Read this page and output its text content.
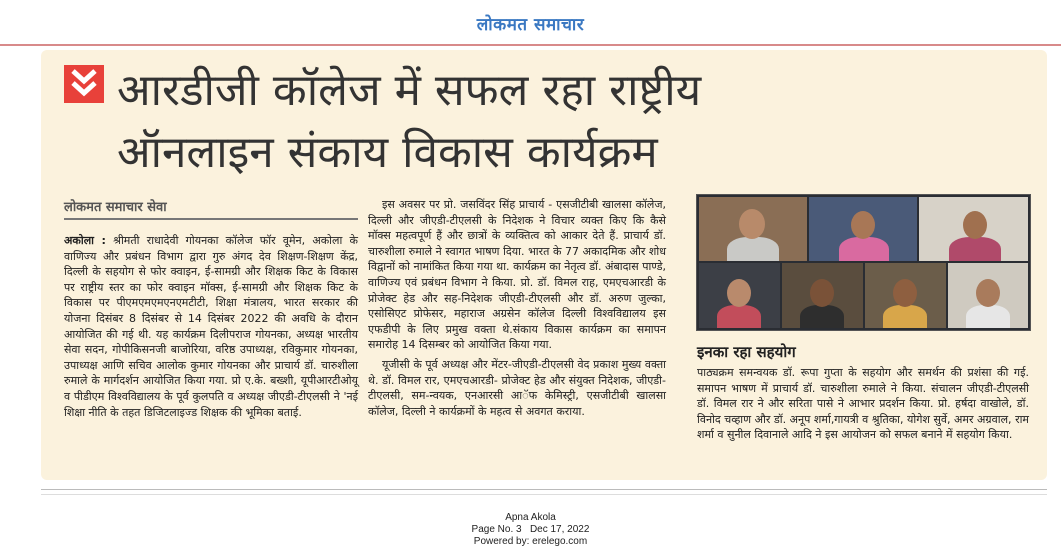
लोकमत समाचार
आरडीजी कॉलेज में सफल रहा राष्ट्रीय
ऑनलाइन संकाय विकास कार्यक्रम
लोकमत समाचार सेवा

अकोला : श्रीमती राधादेवी गोयनका कॉलेज फॉर वूमेन, अकोला के वाणिज्य और प्रबंधन विभाग द्वारा गुरु अंगद देव शिक्षण-शिक्षण केंद्र, दिल्ली के सहयोग से फोर क्वाइन, ई-सामग्री और शिक्षक किट के विकास पर राष्ट्रीय स्तर का फोर क्वाइन मॉक्स, ई-सामग्री और शिक्षक किट के विकास पर पीएमएमएमएनएमटीटी, शिक्षा मंत्रालय, भारत सरकार की योजना दिसंबर 8 दिसंबर से 14 दिसंबर 2022 की अवधि के दौरान आयोजित की गई थी. यह कार्यक्रम दिलीपराज गोयनका, अध्यक्ष भारतीय सेवा सदन, गोपीकिसनजी बाजोरिया, वरिष्ठ उपाध्यक्ष, रविकुमार गोयनका, उपाध्यक्ष आणि सचिव आलोक कुमार गोयनका और प्राचार्य डॉ. चारुशीला रुमाले के मार्गदर्शन आयोजित किया गया. प्रो ए.के. बख्शी, यूपीआरटीओयू व पीडीएम विश्वविद्यालय के पूर्व कुलपति व अध्यक्ष जीएडी-टीएलसी ने 'नई शिक्षा नीति के तहत डिजिटलाइज्ड शिक्षक की भूमिका बताई.

इस अवसर पर प्रो. जसविंदर सिंह प्राचार्य - एसजीटीबी खालसा कॉलेज, दिल्ली और जीएडी-टीएलसी के निदेशक ने विचार व्यक्त किए कि कैसे मॉक्स महत्वपूर्ण हैं और छात्रों के व्यक्तित्व को आकार देते हैं. प्राचार्य डॉ. चारुशीला रुमाले ने स्वागत भाषण दिया. भारत के 77 अकादमिक और शोध विद्वानों को नामांकित किया गया था. कार्यक्रम का नेतृत्व डॉ. अंबादास पाण्डे, वाणिज्य एवं प्रबंधन विभाग ने किया. प्रो. डॉ. विमल राह, एमएचआरडी के प्रोजेक्ट हेड और सह-निदेशक जीएडी-टीएलसी और डॉ. अरुण जुल्का, एसोसिएट प्रोफेसर, महाराज अग्रसेन कॉलेज दिल्ली विश्वविद्यालय इस एफडीपी के लिए प्रमुख वक्ता थे.संकाय विकास कार्यक्रम का समापन समारोह 14 दिसम्बर को आयोजित किया गया.

यूजीसी के पूर्व अध्यक्ष और मेंटर-जीएडी-टीएलसी वेद प्रकाश मुख्य वक्ता थे. डॉ. विमल रार, एमएचआरडी- प्रोजेक्ट हेड और संयुक्त निदेशक, जीएडी-टीएलसी, सम-न्वयक, एनआरसी आॅफ केमिस्ट्री, एसजीटीबी खालसा कॉलेज, दिल्ली ने कार्यक्रमों के महत्व से अवगत कराया.

इनका रहा सहयोग

पाठ्यक्रम समन्वयक डॉ. रूपा गुप्ता के सहयोग और समर्थन की प्रशंसा की गई. समापन भाषण में प्राचार्य डॉ. चारुशीला रुमाले ने किया. संचालन जीएडी-टीएलसी डॉ. विमल रार ने और सरिता पासे ने आभार प्रदर्शन किया. प्रो. हर्षदा वाखोले, डॉ. विनोद चव्हाण और डॉ. अनूप शर्मा,गायत्री व श्रुतिका, योगेश सुर्वे, अमर अग्रवाल, राम शर्मा व सुनील दिवानाले आदि ने इस आयोजन को सफल बनाने में सहयोग किया.

Apna Akola
Page No. 3 Dec 17, 2022
Powered by: erelego.com
